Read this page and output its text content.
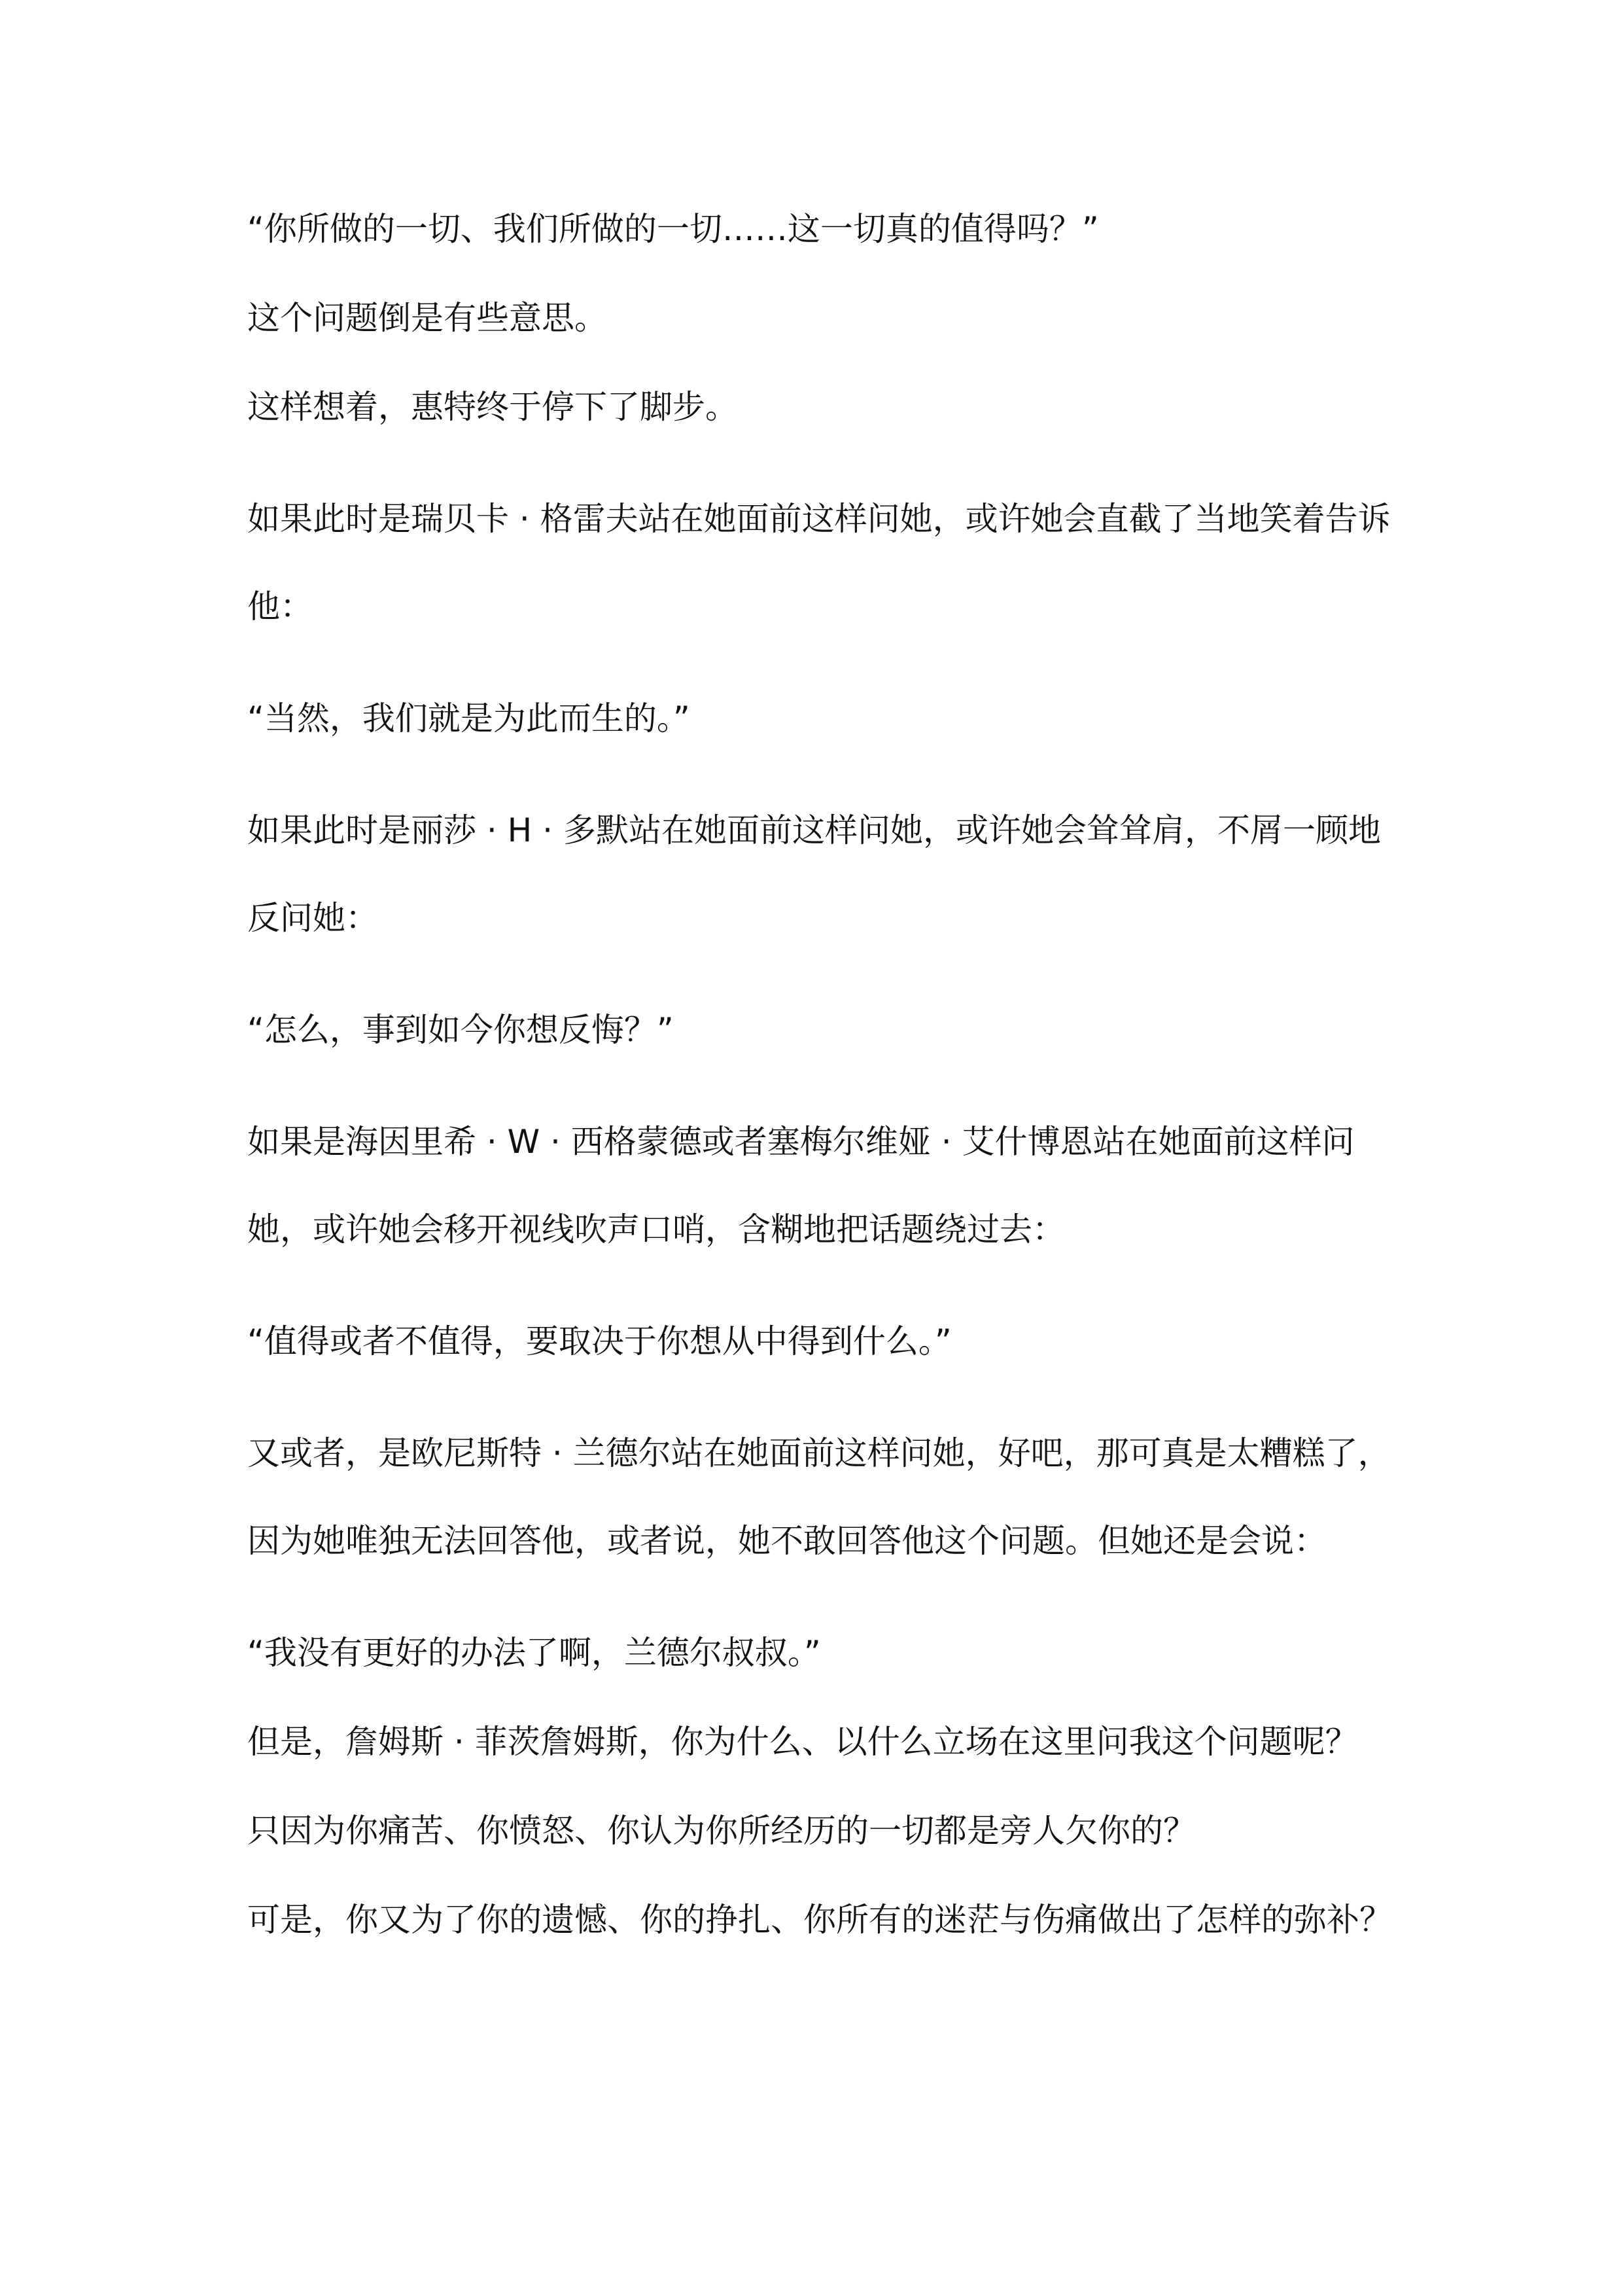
“你所做的一切、我们所做的一切……这一切真的值得吗？”

这个问题倒是有些意思。

这样想着，惠特终于停下了脚步。

如果此时是瑞贝卡 · 格雷夫站在她面前这样问她，或许她会直截了当地笑着告诉他：

“当然，我们就是为此而生的。”

如果此时是丽莎 · H · 多默站在她面前这样问她，或许她会耸耸肩，不屑一顾地反问她：

“怎么，事到如今你想反悔？”

如果是海因里希 · W · 西格蒙德或者塞梅尔维娅 · 艾什博恩站在她面前这样问她，或许她会移开视线吹声口哨，含糊地把话题绕过去：

“值得或者不值得，要取决于你想从中得到什么。”

又或者，是欧尼斯特 · 兰德尔站在她面前这样问她，好吧，那可真是太糟糕了，因为她唯独无法回答他，或者说，她不敢回答他这个问题。但她还是会说：

“我没有更好的办法了啊，兰德尔叔叔。”

但是，詹姆斯 · 菲茨詹姆斯，你为什么、以什么立场在这里问我这个问题呢？

只因为你痛苦、你愤怒、你认为你所经历的一切都是旁人欠你的？

可是，你又为了你的遗憾、你的挣扎、你所有的迷茫与伤痛做出了怎样的弥补？
